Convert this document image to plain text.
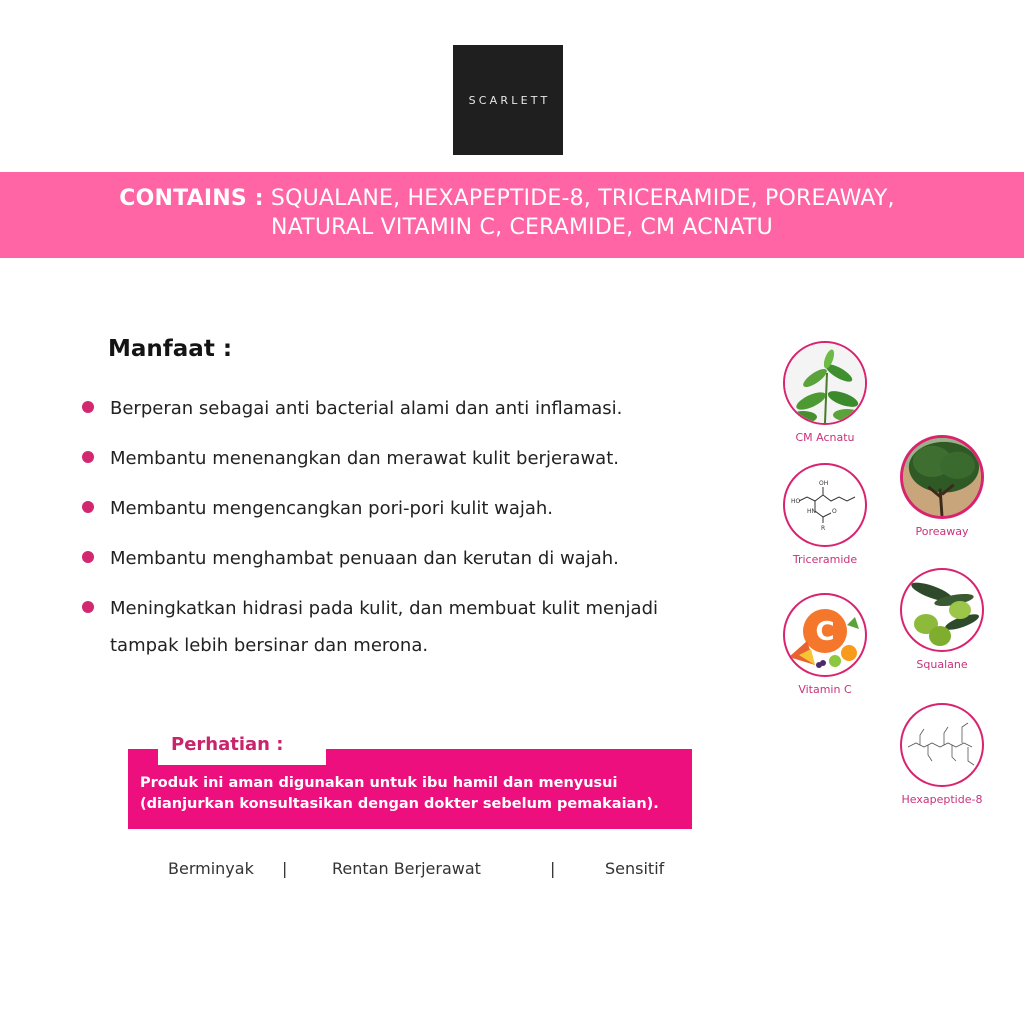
SCARLETT
CONTAINS : SQUALANE, HEXAPEPTIDE-8, TRICERAMIDE, POREAWAY,
NATURAL VITAMIN C, CERAMIDE, CM ACNATU
Manfaat :
Berperan sebagai anti bacterial alami dan anti inflamasi.
Membantu menenangkan dan merawat kulit berjerawat.
Membantu mengencangkan pori-pori kulit wajah.
Membantu menghambat penuaan dan kerutan di wajah.
Meningkatkan hidrasi pada kulit, dan membuat kulit menjadi tampak lebih bersinar dan merona.
Perhatian :
Produk ini aman digunakan untuk ibu hamil dan menyusui
(dianjurkan konsultasikan dengan dokter sebelum pemakaian).
Berminyak |	Rentan Berjerawat	|	Sensitif
CM Acnatu
OH
HO
HN	O
R
Triceramide
C
Vitamin C
Poreaway
Squalane
Hexapeptide-8
